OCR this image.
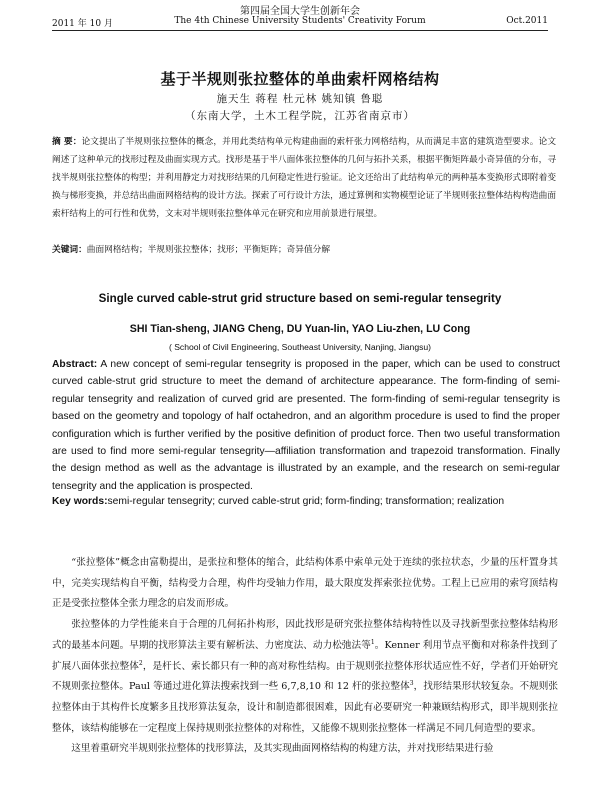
第四届全国大学生创新年会
2011 年 10 月	The 4th Chinese University Students' Creativity Forum	Oct.2011
基于半规则张拉整体的单曲索杆网格结构
施天生 蒋程 杜元林 姚知镇 鲁聪
（东南大学，土木工程学院，江苏省南京市）
摘 要：论文提出了半规则张拉整体的概念，并用此类结构单元构建曲面的索杆张力网格结构，从而满足丰富的建筑造型要求。论文阐述了这种单元的找形过程及曲面实现方式。找形是基于半八面体张拉整体的几何与拓扑关系，根据平衡矩阵最小奇异值的分布，寻找半规则张拉整体的构型；并利用静定力对找形结果的几何稳定性进行验证。论文还给出了此结构单元的两种基本变换形式即附着变换与梯形变换，并总结出曲面网格结构的设计方法。探索了可行设计方法，通过算例和实物模型论证了半规则张拉整体结构构造曲面索杆结构上的可行性和优势，文末对半规则张拉整体单元在研究和应用前景进行展望。
关键词：曲面网格结构；半规则张拉整体；找形；平衡矩阵；奇异值分解
Single curved cable-strut grid structure based on semi-regular tensegrity
SHI Tian-sheng, JIANG Cheng, DU Yuan-lin, YAO Liu-zhen, LU Cong
( School of Civil Engineering, Southeast University, Nanjing, Jiangsu)
Abstract: A new concept of semi-regular tensegrity is proposed in the paper, which can be used to construct curved cable-strut grid structure to meet the demand of architecture appearance. The form-finding of semi-regular tensegrity and realization of curved grid are presented. The form-finding of semi-regular tensegrity is based on the geometry and topology of half octahedron, and an algorithm procedure is used to find the proper configuration which is further verified by the positive definition of product force. Then two useful transformation are used to find more semi-regular tensegrity—affiliation transformation and trapezoid transformation. Finally the design method as well as the advantage is illustrated by an example, and the research on semi-regular tensegrity and the application is prospected.
Key words:semi-regular tensegrity; curved cable-strut grid; form-finding; transformation; realization

“张拉整体”概念由富勒提出，是张拉和整体的缩合，此结构体系中索单元处于连续的张拉状态，少量的压杆置身其中，完美实现结构自平衡，结构受力合理，构件均受轴力作用，最大限度发挥索张拉优势。工程上已应用的索穹顶结构正是受张拉整体全张力理念的启发而形成。

张拉整体的力学性能来自于合理的几何拓扑构形，因此找形是研究张拉整体结构特性以及寻找新型张拉整体结构形式的最基本问题。早期的找形算法主要有解析法、力密度法、动力松弛法等$^1$。Kenner 利用节点平衡和对称条件找到了扩展八面体张拉整体$^2$，是杆长、索长都只有一种的高对称性结构。由于规则张拉整体形状适应性不好，学者们开始研究不规则张拉整体。Paul 等通过进化算法搜索找到一些 6,7,8,10 和 12 杆的张拉整体$^3$，找形结果形状较复杂。不规则张拉整体由于其构件长度繁多且找形算法复杂，设计和制造都很困难，因此有必要研究一种兼顾结构形式，即半规则张拉整体，该结构能够在一定程度上保持规则张拉整体的对称性，又能像不规则张拉整体一样满足不同几何造型的要求。

这里着重研究半规则张拉整体的找形算法，及其实现曲面网格结构的构建方法，并对找形结果进行验
